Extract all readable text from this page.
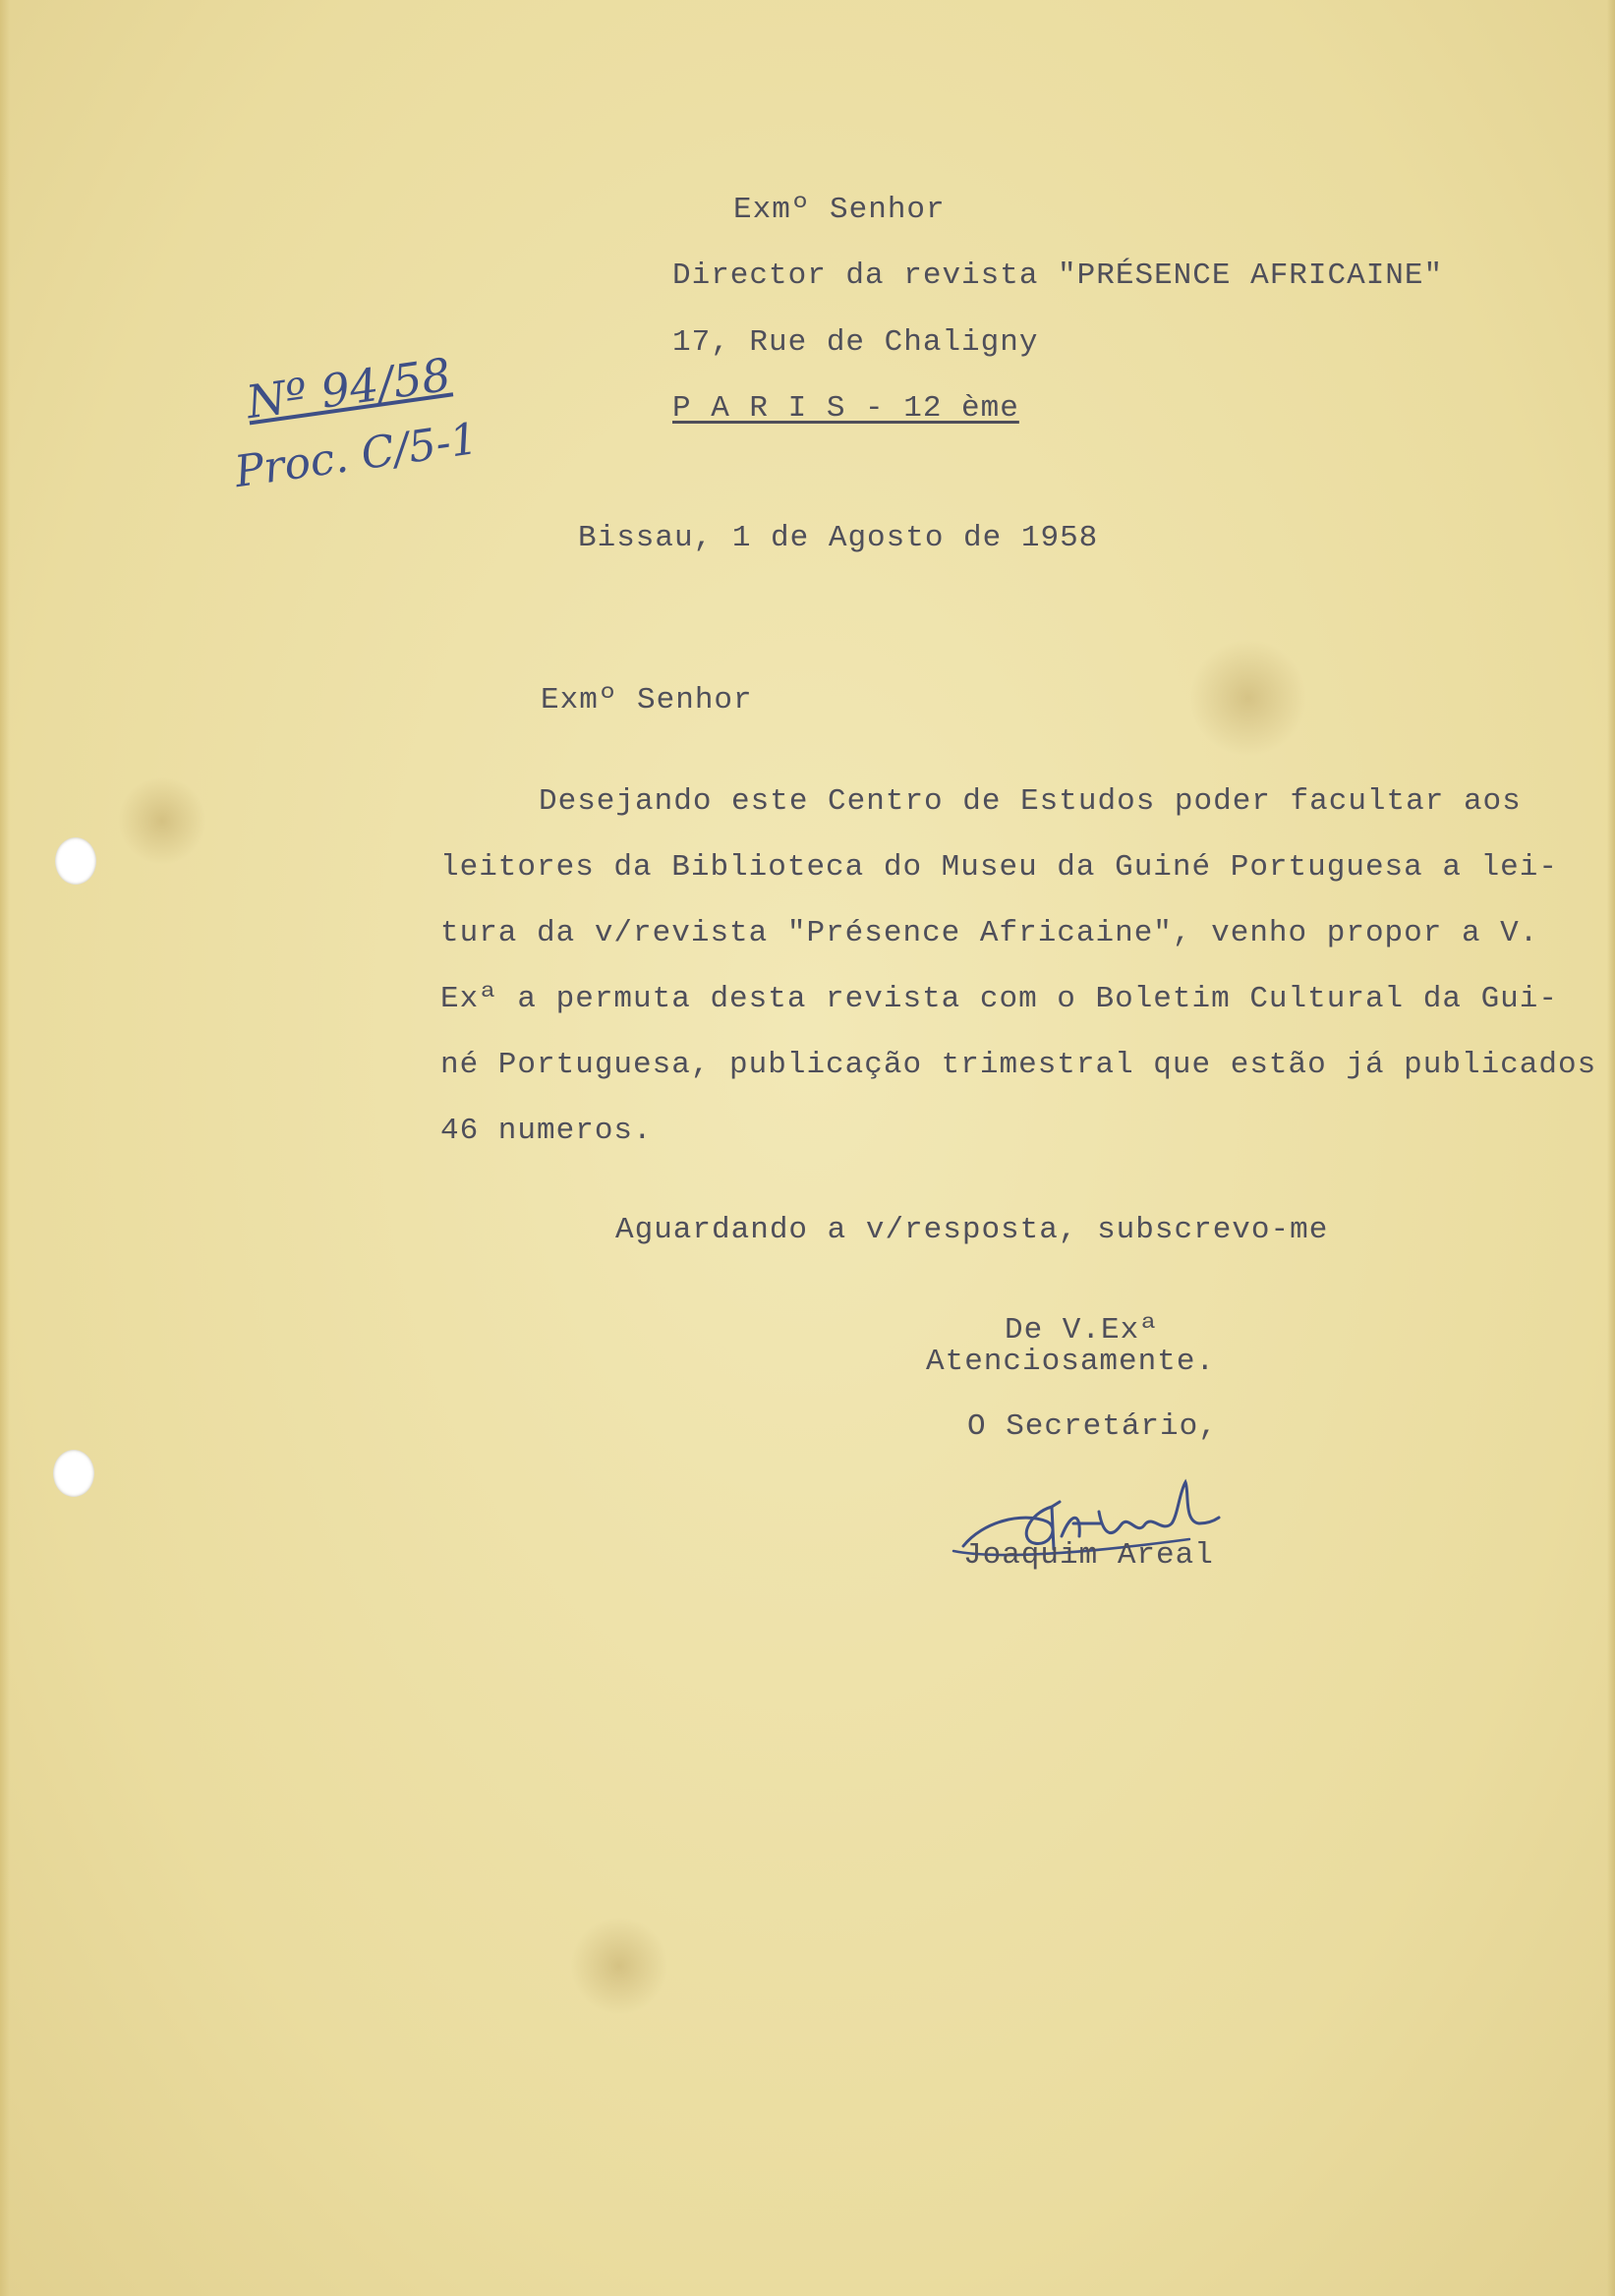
Nº 94/58
Proc. C/5-1
Exmº Senhor
Director da revista "PRÉSENCE AFRICAINE"
17, Rue de Chaligny
P A R I S - 12 ème
Bissau, 1 de Agosto de 1958
Exmº Senhor
Desejando este Centro de Estudos poder facultar aos
leitores da Biblioteca do Museu da Guiné Portuguesa a lei-
tura da v/revista "Présence Africaine", venho propor a V.
Exª a permuta desta revista com o Boletim Cultural da Gui-
né Portuguesa, publicação trimestral que estão já publicados
46 numeros.
Aguardando a v/resposta, subscrevo-me
De V.Exª
Atenciosamente.
O Secretário,
Joaquim Areal
